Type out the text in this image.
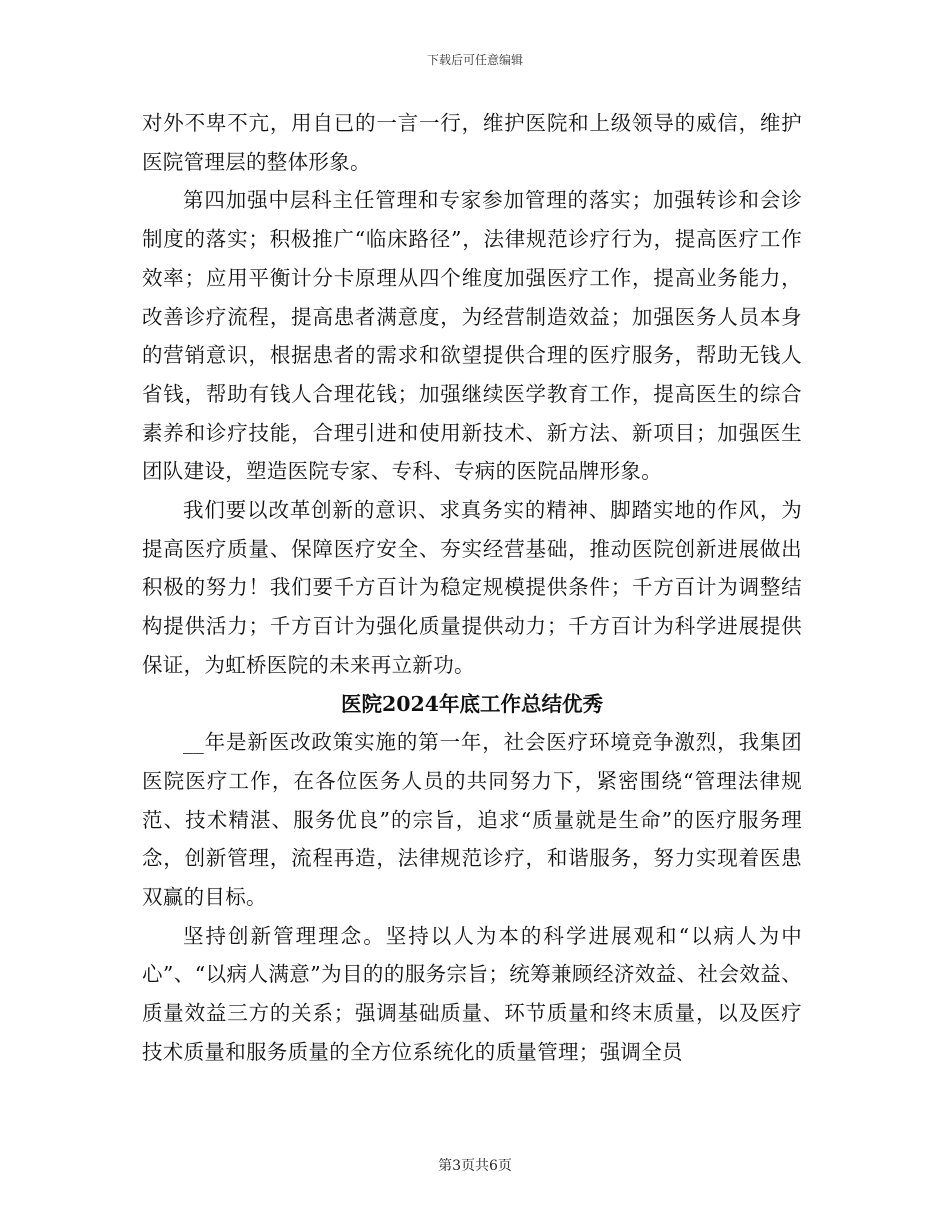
下载后可任意编辑

对外不卑不亢，用自已的一言一行，维护医院和上级领导的威信，维护医院管理层的整体形象。

第四加强中层科主任管理和专家参加管理的落实；加强转诊和会诊制度的落实；积极推广“临床路径”，法律规范诊疗行为，提高医疗工作效率；应用平衡计分卡原理从四个维度加强医疗工作，提高业务能力，改善诊疗流程，提高患者满意度，为经营制造效益；加强医务人员本身的营销意识，根据患者的需求和欲望提供合理的医疗服务，帮助无钱人省钱，帮助有钱人合理花钱；加强继续医学教育工作，提高医生的综合素养和诊疗技能，合理引进和使用新技术、新方法、新项目；加强医生团队建设，塑造医院专家、专科、专病的医院品牌形象。

我们要以改革创新的意识、求真务实的精神、脚踏实地的作风，为提高医疗质量、保障医疗安全、夯实经营基础，推动医院创新进展做出积极的努力！我们要千方百计为稳定规模提供条件；千方百计为调整结构提供活力；千方百计为强化质量提供动力；千方百计为科学进展提供保证，为虹桥医院的未来再立新功。

医院2024年底工作总结优秀

__年是新医改政策实施的第一年，社会医疗环境竞争激烈，我集团医院医疗工作，在各位医务人员的共同努力下，紧密围绕“管理法律规范、技术精湛、服务优良”的宗旨，追求“质量就是生命”的医疗服务理念，创新管理，流程再造，法律规范诊疗，和谐服务，努力实现着医患双赢的目标。

坚持创新管理理念。坚持以人为本的科学进展观和“以病人为中心”、“以病人满意”为目的的服务宗旨；统筹兼顾经济效益、社会效益、质量效益三方的关系；强调基础质量、环节质量和终末质量，以及医疗技术质量和服务质量的全方位系统化的质量管理；强调全员

第3页共6页
